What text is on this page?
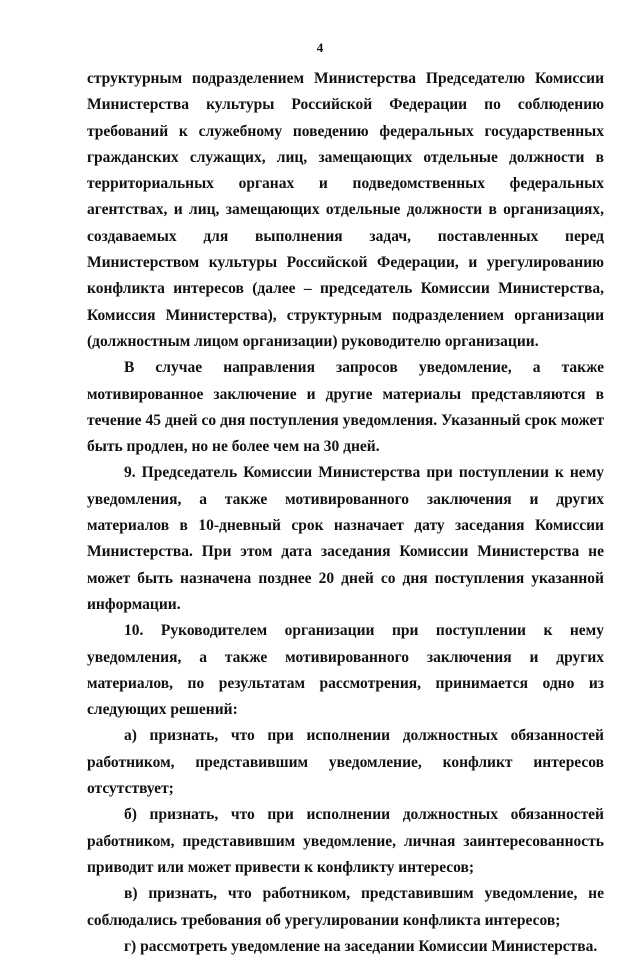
4

структурным подразделением Министерства Председателю Комиссии Министерства культуры Российской Федерации по соблюдению требований к служебному поведению федеральных государственных гражданских служащих, лиц, замещающих отдельные должности в территориальных органах и подведомственных федеральных агентствах, и лиц, замещающих отдельные должности в организациях, создаваемых для выполнения задач, поставленных перед Министерством культуры Российской Федерации, и урегулированию конфликта интересов (далее – председатель Комиссии Министерства, Комиссия Министерства), структурным подразделением организации (должностным лицом организации) руководителю организации.

В случае направления запросов уведомление, а также мотивированное заключение и другие материалы представляются в течение 45 дней со дня поступления уведомления. Указанный срок может быть продлен, но не более чем на 30 дней.

9. Председатель Комиссии Министерства при поступлении к нему уведомления, а также мотивированного заключения и других материалов в 10-дневный срок назначает дату заседания Комиссии Министерства. При этом дата заседания Комиссии Министерства не может быть назначена позднее 20 дней со дня поступления указанной информации.

10. Руководителем организации при поступлении к нему уведомления, а также мотивированного заключения и других материалов, по результатам рассмотрения, принимается одно из следующих решений:

а) признать, что при исполнении должностных обязанностей работником, представившим уведомление, конфликт интересов отсутствует;

б) признать, что при исполнении должностных обязанностей работником, представившим уведомление, личная заинтересованность приводит или может привести к конфликту интересов;

в) признать, что работником, представившим уведомление, не соблюдались требования об урегулировании конфликта интересов;

г) рассмотреть уведомление на заседании Комиссии Министерства.
